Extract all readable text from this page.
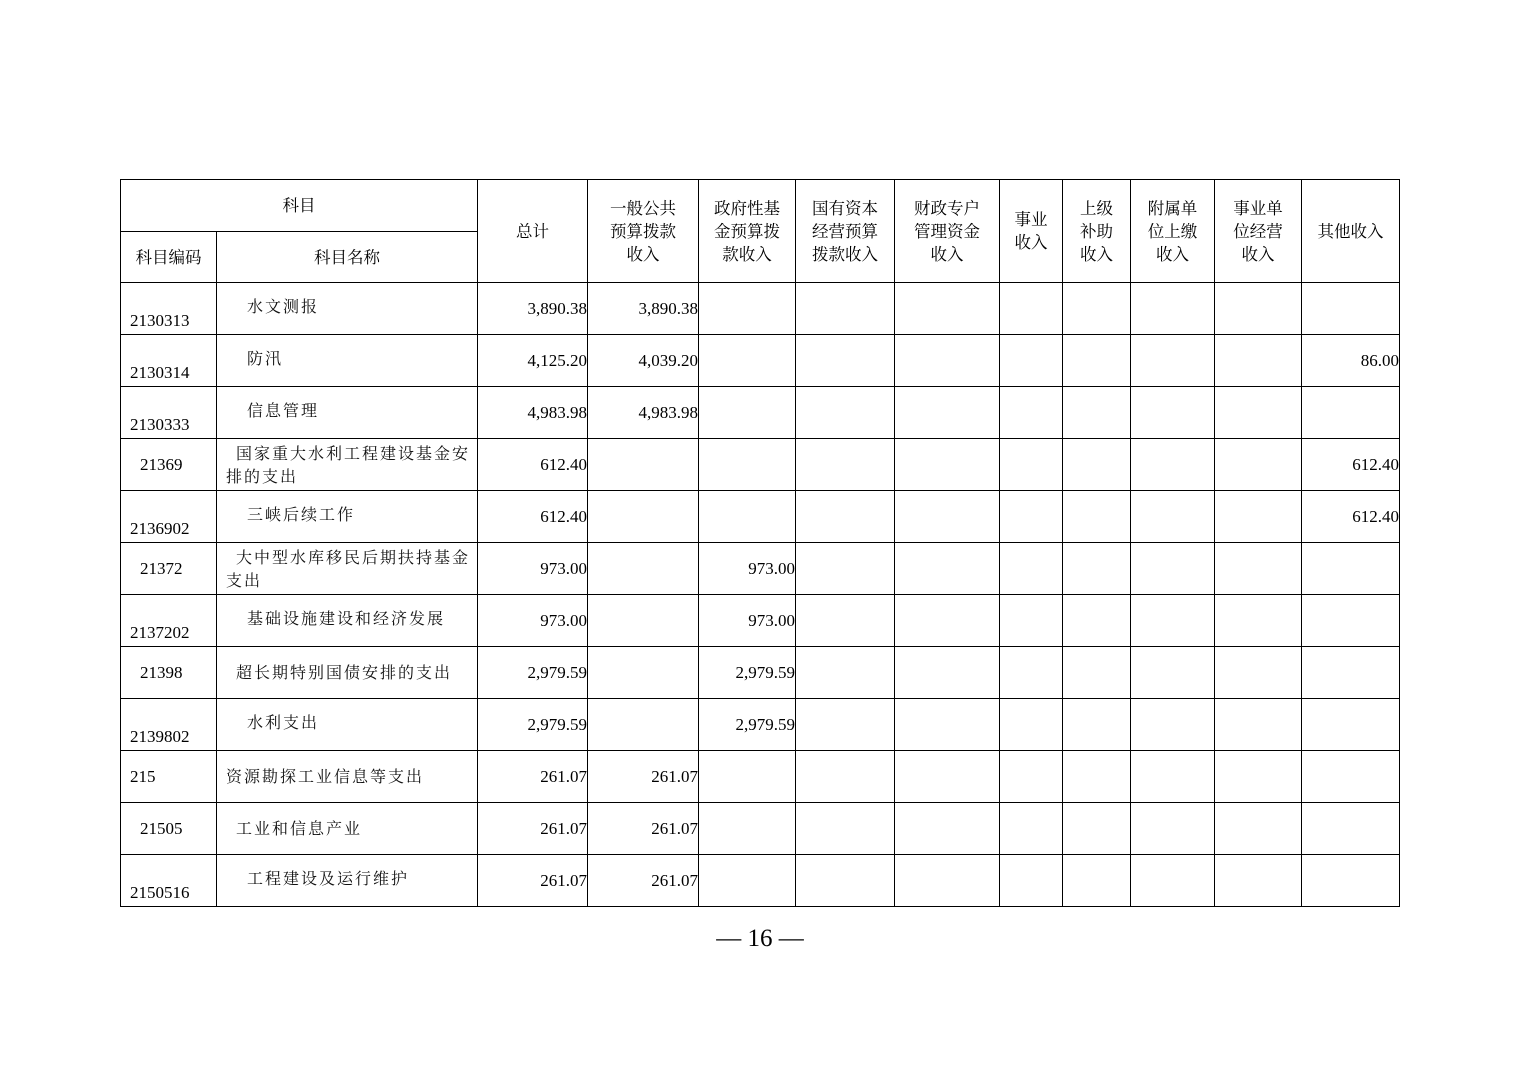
科目		总计	一般公共
预算拨款
收入	政府性基
金预算拨
款收入	国有资本
经营预算
拨款收入	财政专户
管理资金
收入	事业
收入	上级
补助
收入	附属单
位上缴
收入	事业单
位经营
收入	其他收入
科目编码	科目名称										

2130313	水文测报	3,890.38	3,890.38								

2130314	防汛	4,125.20	4,039.20								86.00

2130333	信息管理	4,983.98	4,983.98								

21369	国家重大水利工程建设基金安排的支出	612.40									612.40

2136902	三峡后续工作	612.40									612.40

21372	大中型水库移民后期扶持基金支出	973.00		973.00							

2137202	基础设施建设和经济发展	973.00		973.00							

21398	超长期特别国债安排的支出	2,979.59		2,979.59							

2139802	水利支出	2,979.59		2,979.59							

215	资源勘探工业信息等支出	261.07	261.07								

21505	工业和信息产业	261.07	261.07								

2150516	工程建设及运行维护	261.07	261.07								
— 16 —
